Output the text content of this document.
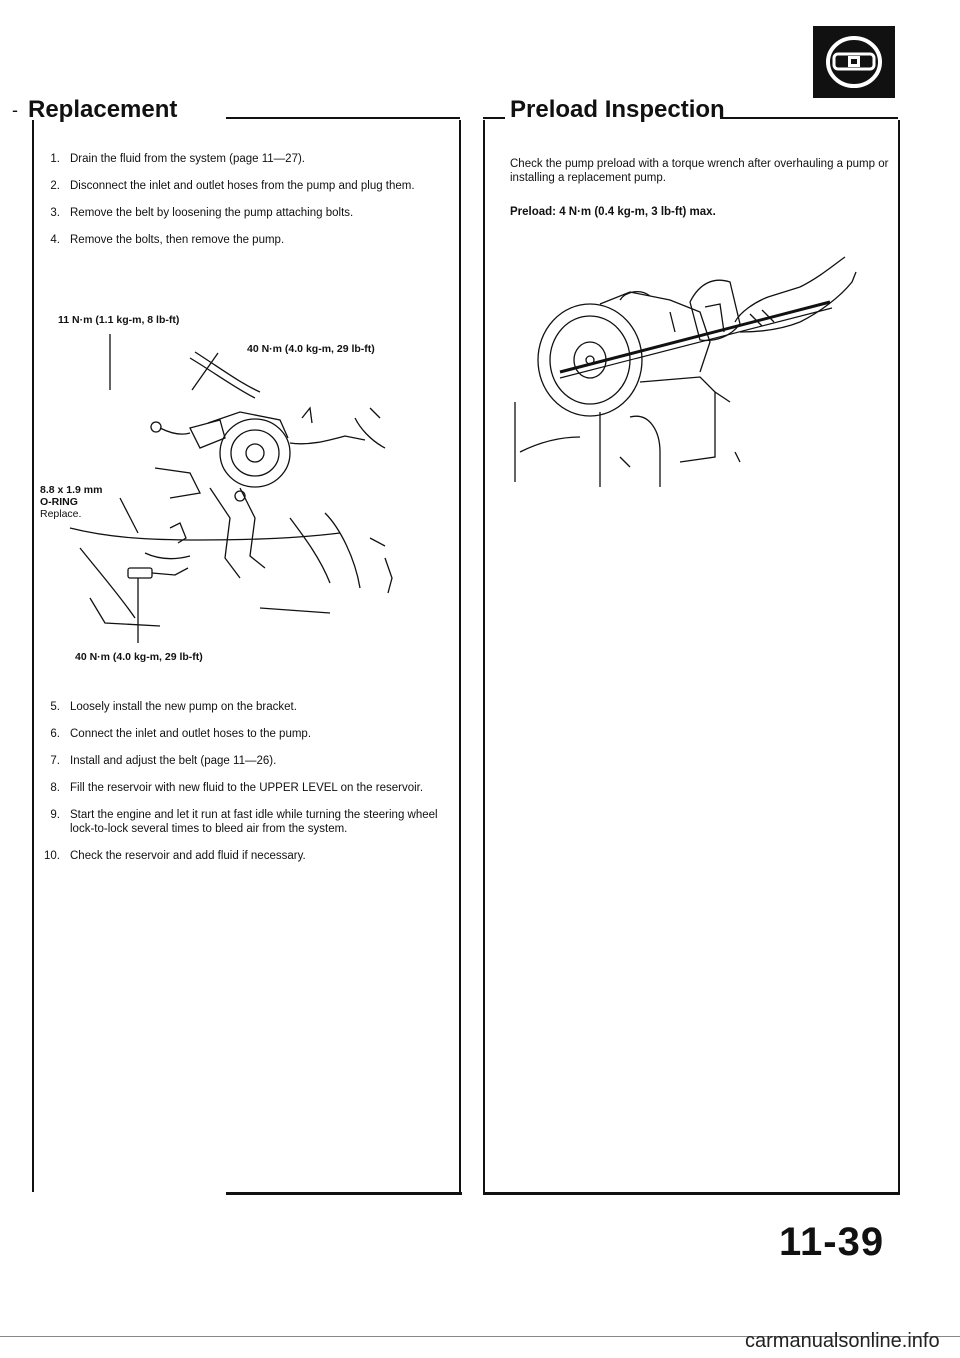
- Replacement
1. Drain the fluid from the system (page 11—27).
2. Disconnect the inlet and outlet hoses from the pump and plug them.
3. Remove the belt by loosening the pump attaching bolts.
4. Remove the bolts, then remove the pump.
11 N·m (1.1 kg-m, 8 lb-ft)
40 N·m (4.0 kg-m, 29 lb-ft)
8.8 x 1.9 mm
O-RING
Replace.
40 N·m (4.0 kg-m, 29 lb-ft)
5. Loosely install the new pump on the bracket.
6. Connect the inlet and outlet hoses to the pump.
7. Install and adjust the belt (page 11—26).
8. Fill the reservoir with new fluid to the UPPER LEVEL on the reservoir.
9. Start the engine and let it run at fast idle while turning the steering wheel lock-to-lock several times to bleed air from the system.
10. Check the reservoir and add fluid if necessary.
Preload Inspection
Check the pump preload with a torque wrench after overhauling a pump or installing a replacement pump.
Preload: 4 N·m (0.4 kg-m, 3 lb-ft) max.
11-39
carmanualsonline.info
